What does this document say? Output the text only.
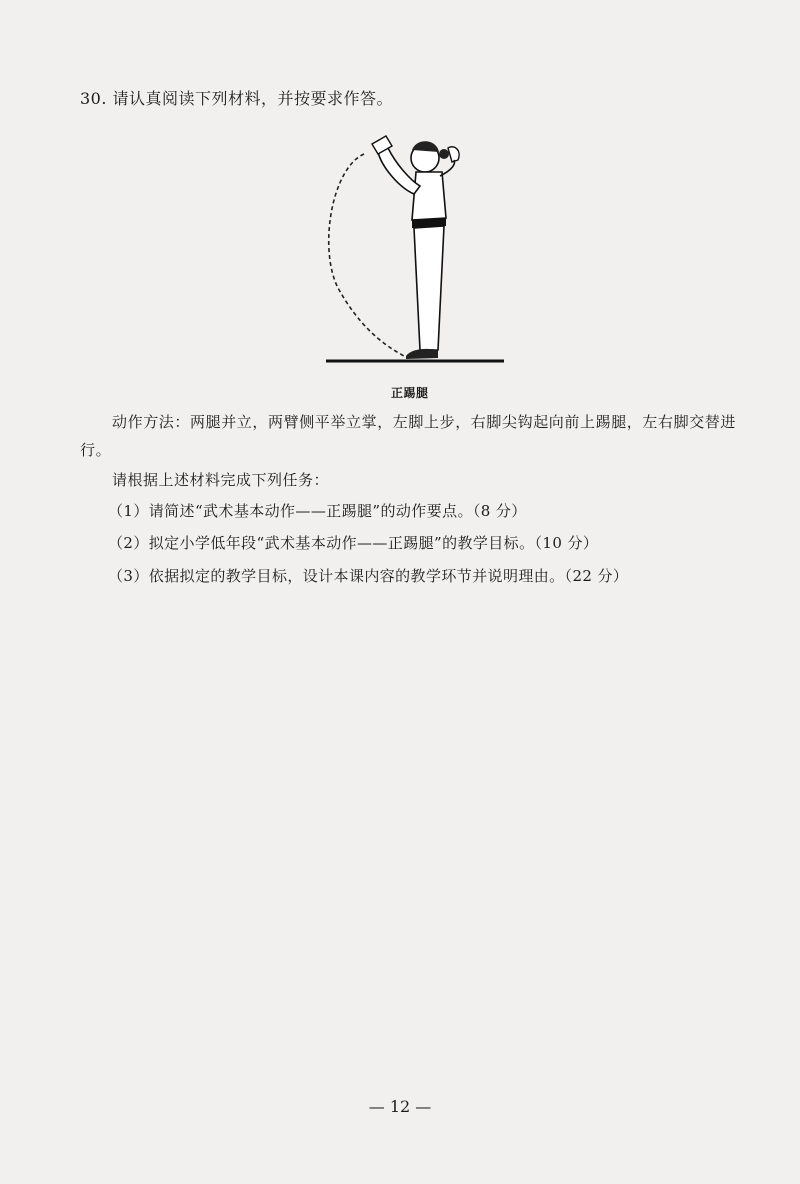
30. 请认真阅读下列材料，并按要求作答。
正踢腿
动作方法：两腿并立，两臂侧平举立掌，左脚上步，右脚尖钩起向前上踢腿，左右脚交替进行。
请根据上述材料完成下列任务：
（1）请简述“武术基本动作——正踢腿”的动作要点。（8 分）
（2）拟定小学低年段“武术基本动作——正踢腿”的教学目标。（10 分）
（3）依据拟定的教学目标，设计本课内容的教学环节并说明理由。（22 分）
— 12 —
